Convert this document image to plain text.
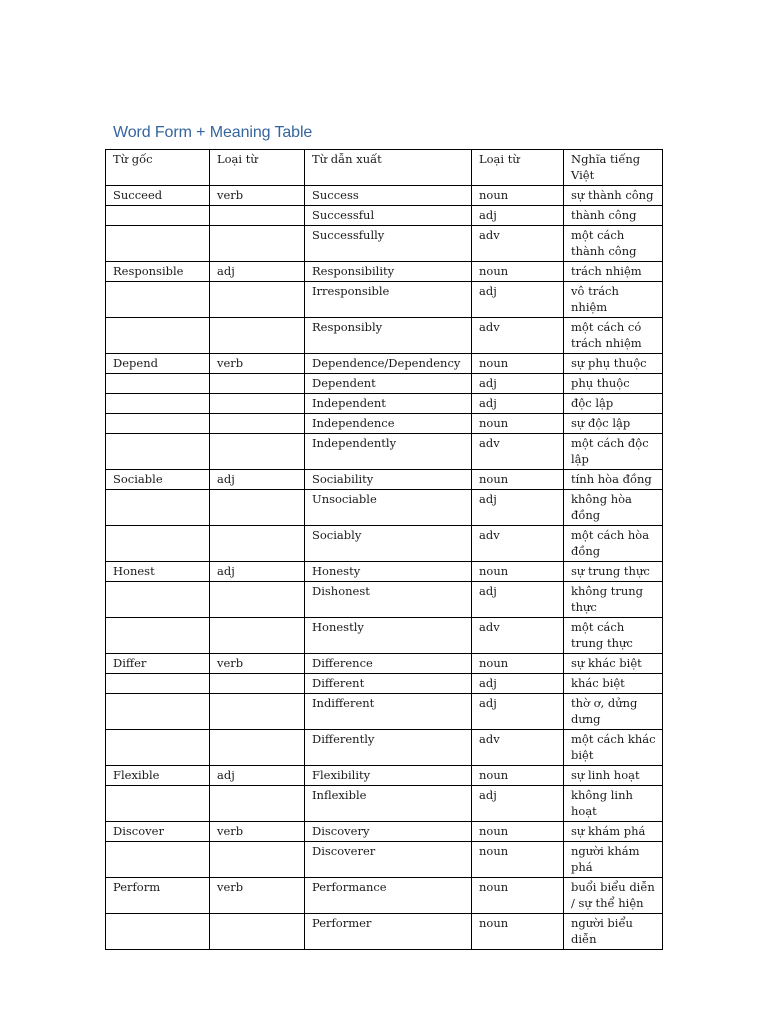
Word Form + Meaning Table
Từ gốc	Loại từ	Từ dẫn xuất	Loại từ	Nghĩa tiếng Việt
Succeed	verb	Success	noun	sự thành công
		Successful	adj	thành công
		Successfully	adv	một cách thành công
Responsible	adj	Responsibility	noun	trách nhiệm
		Irresponsible	adj	vô trách nhiệm
		Responsibly	adv	một cách có trách nhiệm
Depend	verb	Dependence/Dependency	noun	sự phụ thuộc
		Dependent	adj	phụ thuộc
		Independent	adj	độc lập
		Independence	noun	sự độc lập
		Independently	adv	một cách độc lập
Sociable	adj	Sociability	noun	tính hòa đồng
		Unsociable	adj	không hòa đồng
		Sociably	adv	một cách hòa đồng
Honest	adj	Honesty	noun	sự trung thực
		Dishonest	adj	không trung thực
		Honestly	adv	một cách trung thực
Differ	verb	Difference	noun	sự khác biệt
		Different	adj	khác biệt
		Indifferent	adj	thờ ơ, dửng dưng
		Differently	adv	một cách khác biệt
Flexible	adj	Flexibility	noun	sự linh hoạt
		Inflexible	adj	không linh hoạt
Discover	verb	Discovery	noun	sự khám phá
		Discoverer	noun	người khám phá
Perform	verb	Performance	noun	buổi biểu diễn / sự thể hiện
		Performer	noun	người biểu diễn
